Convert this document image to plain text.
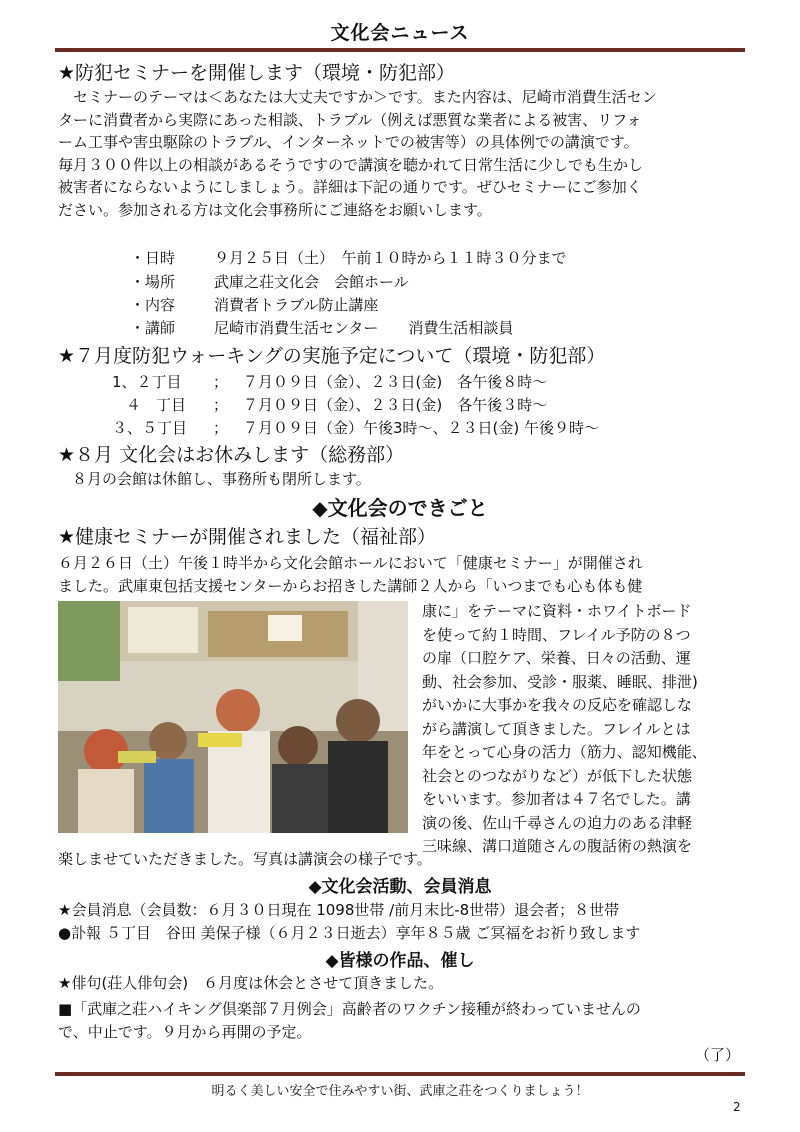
文化会ニュース
★防犯セミナーを開催します（環境・防犯部）
　セミナーのテーマは＜あなたは大丈夫ですか＞です。また内容は、尼崎市消費生活セン
ターに消費者から実際にあった相談、トラブル（例えば悪質な業者による被害、リフォ
ーム工事や害虫駆除のトラブル、インターネットでの被害等）の具体例での講演です。
毎月３００件以上の相談があるそうですので講演を聴かれて日常生活に少しでも生かし
被害者にならないようにしましょう。詳細は下記の通りです。ぜひセミナーにご参加く
ださい。参加される方は文化会事務所にご連絡をお願いします。
・日時	９月２５日（土）　午前１０時から１１時３０分まで
・場所	武庫之荘文化会　会館ホール
・内容	消費者トラブル防止講座
・講師	尼崎市消費生活センター　　消費生活相談員
★７月度防犯ウォーキングの実施予定について（環境・防犯部）
1、２丁目 ； ７月０９日（金）、２３日(金)　各午後８時～
４　丁目 ； ７月０９日（金）、２３日(金)　各午後３時～
３、５丁目 ； ７月０９日（金）午後3時～、２３日(金) 午後９時～
★８月 文化会はお休みします（総務部）
８月の会館は休館し、事務所も閉所します。
◆文化会のできごと
★健康セミナーが開催されました（福祉部）
６月２６日（土）午後１時半から文化会館ホールにおいて「健康セミナー」が開催され
ました。武庫東包括支援センターからお招きした講師２人から「いつまでも心も体も健
康に」をテーマに資料・ホワイトボード
を使って約１時間、フレイル予防の８つ
の扉（口腔ケア、栄養、日々の活動、運
動、社会参加、受診・服薬、睡眠、排泄)
がいかに大事かを我々の反応を確認しな
がら講演して頂きました。フレイルとは
年をとって心身の活力（筋力、認知機能、
社会とのつながりなど）が低下した状態
をいいます。参加者は４７名でした。講
演の後、佐山千尋さんの迫力のある津軽
三味線、溝口道随さんの腹話術の熱演を
楽しませていただきました。写真は講演会の様子です。
◆文化会活動、会員消息
★会員消息（会員数：６月３０日現在 1098世帯 /前月末比-8世帯）退会者；８世帯
●訃報 ５丁目　谷田 美保子様（６月２３日逝去）享年８５歳 ご冥福をお祈り致します
◆皆様の作品、催し
★俳句(荘人俳句会)　６月度は休会とさせて頂きました。
■「武庫之荘ハイキング倶楽部７月例会」高齢者のワクチン接種が終わっていませんの
で、中止です。９月から再開の予定。
（了）
明るく美しい安全で住みやすい街、武庫之荘をつくりましょう！
2
